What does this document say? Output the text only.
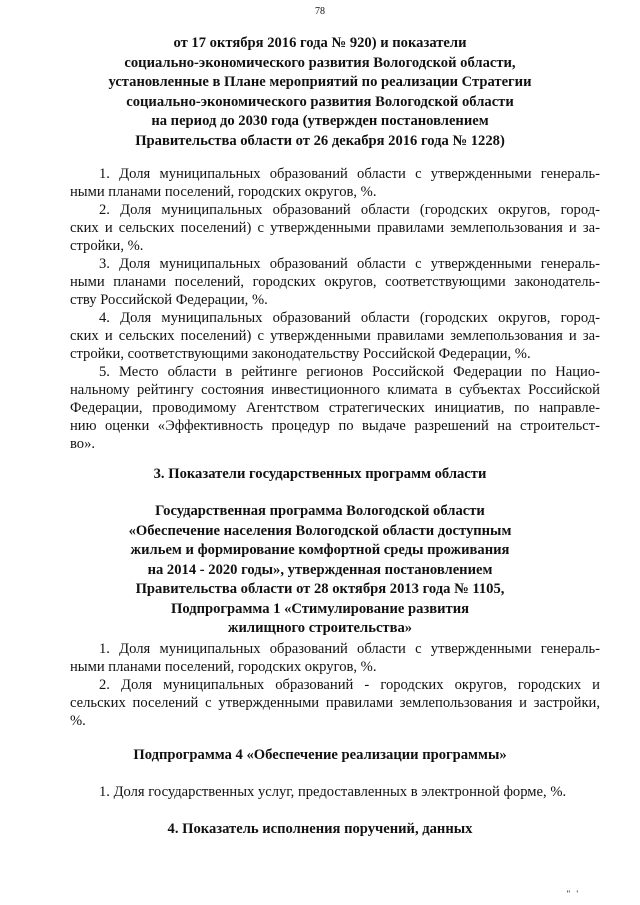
78
от 17 октября 2016 года № 920) и показатели
социально-экономического развития Вологодской области,
установленные в Плане мероприятий по реализации Стратегии
социально-экономического развития Вологодской области
на период до 2030 года (утвержден постановлением
Правительства области от 26 декабря 2016 года № 1228)
1. Доля муниципальных образований области с утвержденными генераль-
ными планами поселений, городских округов, %.
2. Доля муниципальных образований области (городских округов, город-
ских и сельских поселений) с утвержденными правилами землепользования и за-
стройки, %.
3. Доля муниципальных образований области с утвержденными генераль-
ными планами поселений, городских округов, соответствующими законодатель-
ству Российской Федерации, %.
4. Доля муниципальных образований области (городских округов, город-
ских и сельских поселений) с утвержденными правилами землепользования и за-
стройки, соответствующими законодательству Российской Федерации, %.
5. Место области в рейтинге регионов Российской Федерации по Нацио-
нальному рейтингу состояния инвестиционного климата в субъектах Российской
Федерации, проводимому Агентством стратегических инициатив, по направле-
нию оценки «Эффективность процедур по выдаче разрешений на строительст-
во».
3. Показатели государственных программ области
Государственная программа Вологодской области
«Обеспечение населения Вологодской области доступным
жильем и формирование комфортной среды проживания
на 2014 - 2020 годы», утвержденная постановлением
Правительства области от 28 октября 2013 года № 1105,
Подпрограмма 1 «Стимулирование развития
жилищного строительства»
1. Доля муниципальных образований области с утвержденными генераль-
ными планами поселений, городских округов, %.
2. Доля муниципальных образований - городских округов, городских и
сельских поселений с утвержденными правилами землепользования и застройки,
%.
Подпрограмма 4 «Обеспечение реализации программы»
1. Доля государственных услуг, предоставленных в электронной форме, %.
4. Показатель исполнения поручений, данных
" '
